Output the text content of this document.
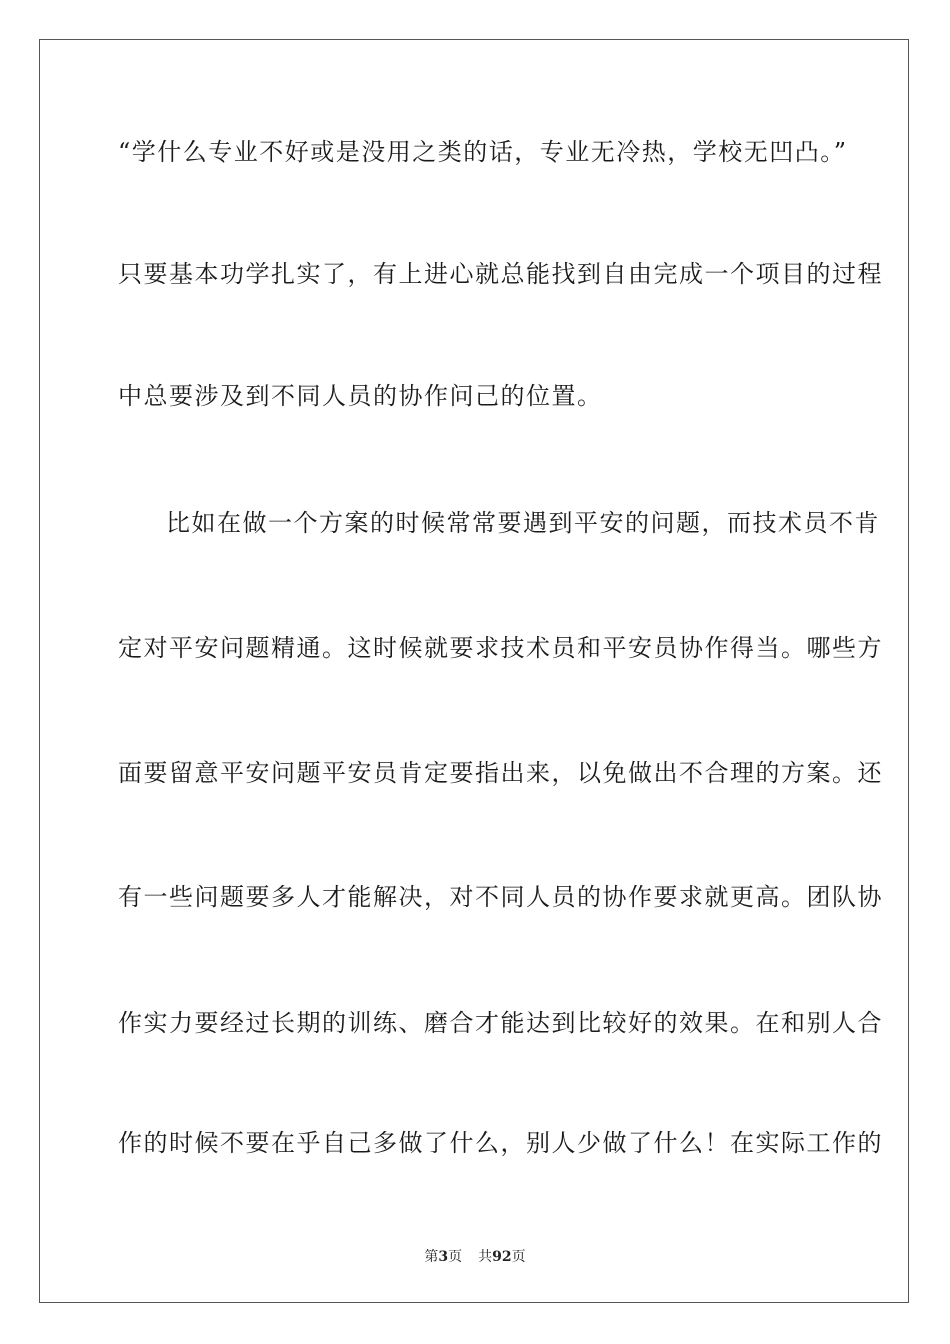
“学什么专业不好或是没用之类的话，专业无冷热，学校无凹凸。”
只要基本功学扎实了，有上进心就总能找到自由完成一个项目的过程
中总要涉及到不同人员的协作问己的位置。
比如在做一个方案的时候常常要遇到平安的问题，而技术员不肯
定对平安问题精通。这时候就要求技术员和平安员协作得当。哪些方
面要留意平安问题平安员肯定要指出来，以免做出不合理的方案。还
有一些问题要多人才能解决，对不同人员的协作要求就更高。团队协
作实力要经过长期的训练、磨合才能达到比较好的效果。在和别人合
作的时候不要在乎自己多做了什么，别人少做了什么！在实际工作的
第3页 共92页
